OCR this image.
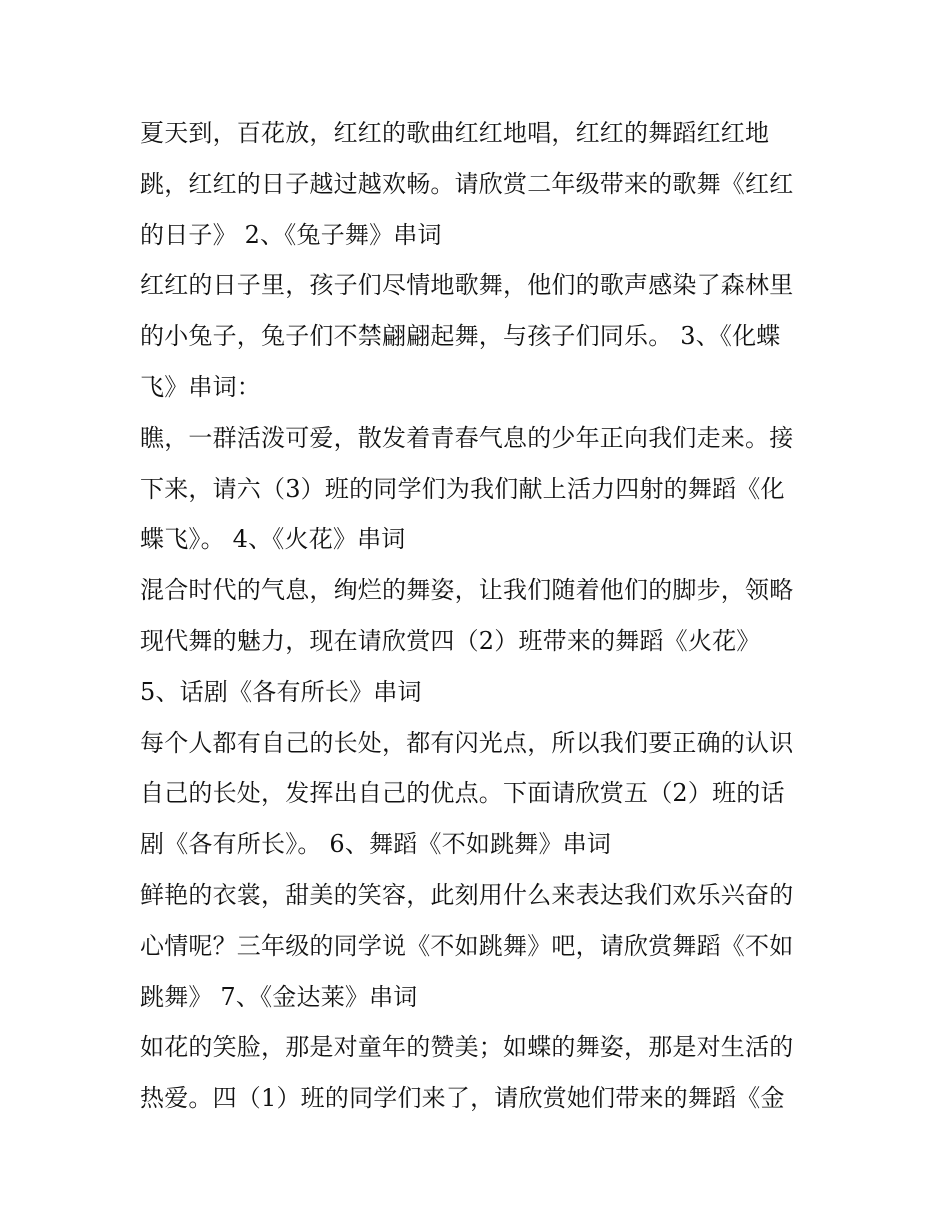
夏天到，百花放，红红的歌曲红红地唱，红红的舞蹈红红地
跳，红红的日子越过越欢畅。请欣赏二年级带来的歌舞《红红
的日子》 2、《兔子舞》串词
红红的日子里，孩子们尽情地歌舞，他们的歌声感染了森林里
的小兔子，兔子们不禁翩翩起舞，与孩子们同乐。 3、《化蝶
飞》串词：
瞧，一群活泼可爱，散发着青春气息的少年正向我们走来。接
下来，请六（3）班的同学们为我们献上活力四射的舞蹈《化
蝶飞》。 4、《火花》串词
混合时代的气息，绚烂的舞姿，让我们随着他们的脚步，领略
现代舞的魅力，现在请欣赏四（2）班带来的舞蹈《火花》
5、话剧《各有所长》串词
每个人都有自己的长处，都有闪光点，所以我们要正确的认识
自己的长处，发挥出自己的优点。下面请欣赏五（2）班的话
剧《各有所长》。 6、舞蹈《不如跳舞》串词
鲜艳的衣裳，甜美的笑容，此刻用什么来表达我们欢乐兴奋的
心情呢？三年级的同学说《不如跳舞》吧，请欣赏舞蹈《不如
跳舞》 7、《金达莱》串词
如花的笑脸，那是对童年的赞美；如蝶的舞姿，那是对生活的
热爱。四（1）班的同学们来了，请欣赏她们带来的舞蹈《金
